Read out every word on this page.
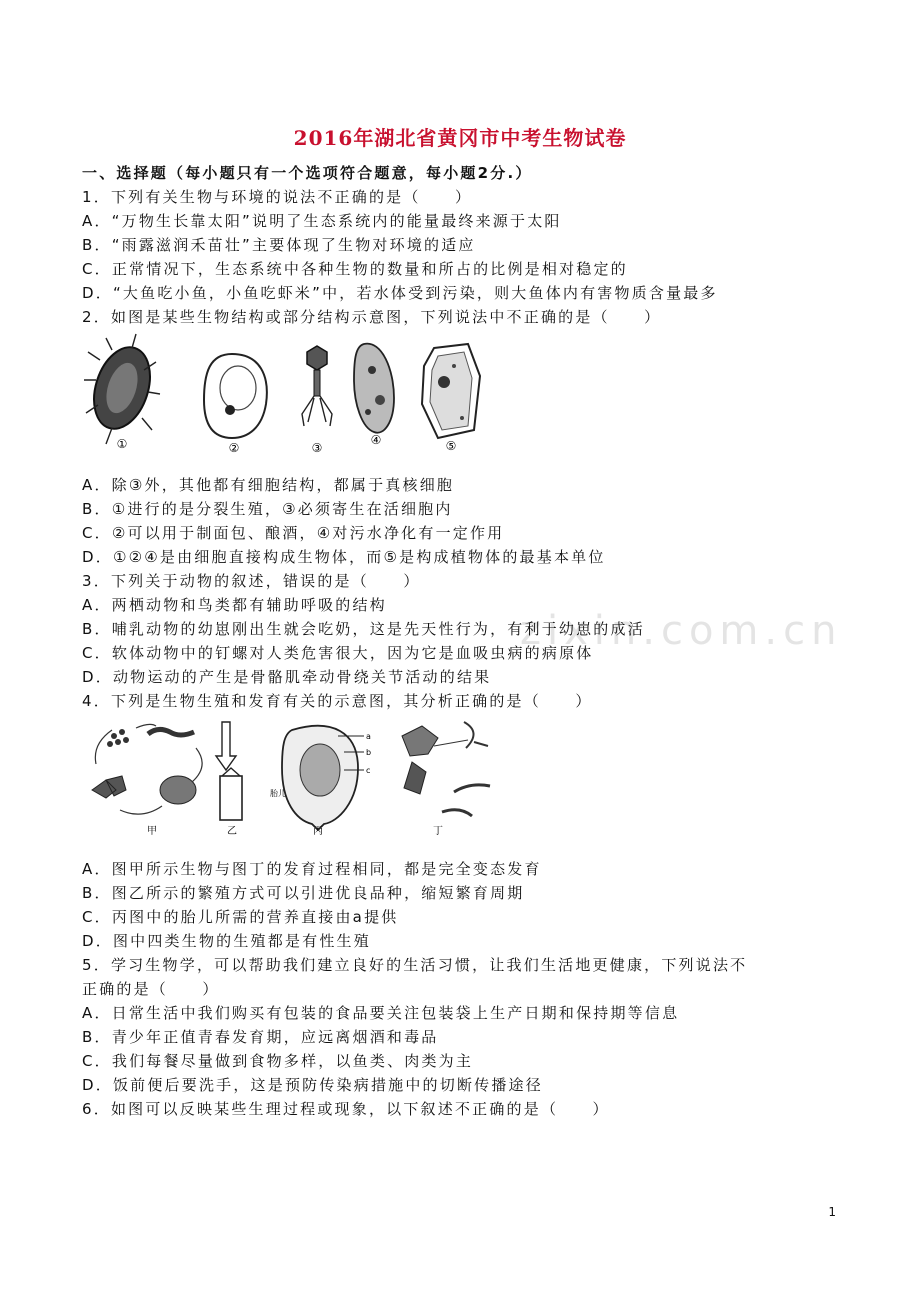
zixin.com.cn
2016年湖北省黄冈市中考生物试卷
一、选择题（每小题只有一个选项符合题意，每小题2分.）
1．下列有关生物与环境的说法不正确的是（　　）
A．“万物生长靠太阳”说明了生态系统内的能量最终来源于太阳
B．“雨露滋润禾苗壮”主要体现了生物对环境的适应
C．正常情况下，生态系统中各种生物的数量和所占的比例是相对稳定的
D．“大鱼吃小鱼，小鱼吃虾米”中，若水体受到污染，则大鱼体内有害物质含量最多
2．如图是某些生物结构或部分结构示意图，下列说法中不正确的是（　　）
①	②	③
④	⑤
A．除③外，其他都有细胞结构，都属于真核细胞
B．①进行的是分裂生殖，③必须寄生在活细胞内
C．②可以用于制面包、酿酒，④对污水净化有一定作用
D．①②④是由细胞直接构成生物体，而⑤是构成植物体的最基本单位
3．下列关于动物的叙述，错误的是（　　）
A．两栖动物和鸟类都有辅助呼吸的结构
B．哺乳动物的幼崽刚出生就会吃奶，这是先天性行为，有利于幼崽的成活
C．软体动物中的钉螺对人类危害很大，因为它是血吸虫病的病原体
D．动物运动的产生是骨骼肌牵动骨绕关节活动的结果
4．下列是生物生殖和发育有关的示意图，其分析正确的是（　　）
a
b
c
胎儿
甲	乙	丙	丁
A．图甲所示生物与图丁的发育过程相同，都是完全变态发育
B．图乙所示的繁殖方式可以引进优良品种，缩短繁育周期
C．丙图中的胎儿所需的营养直接由a提供
D．图中四类生物的生殖都是有性生殖
5．学习生物学，可以帮助我们建立良好的生活习惯，让我们生活地更健康，下列说法不
正确的是（　　）
A．日常生活中我们购买有包装的食品要关注包装袋上生产日期和保持期等信息
B．青少年正值青春发育期，应远离烟酒和毒品
C．我们每餐尽量做到食物多样，以鱼类、肉类为主
D．饭前便后要洗手，这是预防传染病措施中的切断传播途径
6．如图可以反映某些生理过程或现象，以下叙述不正确的是（　　）
1
